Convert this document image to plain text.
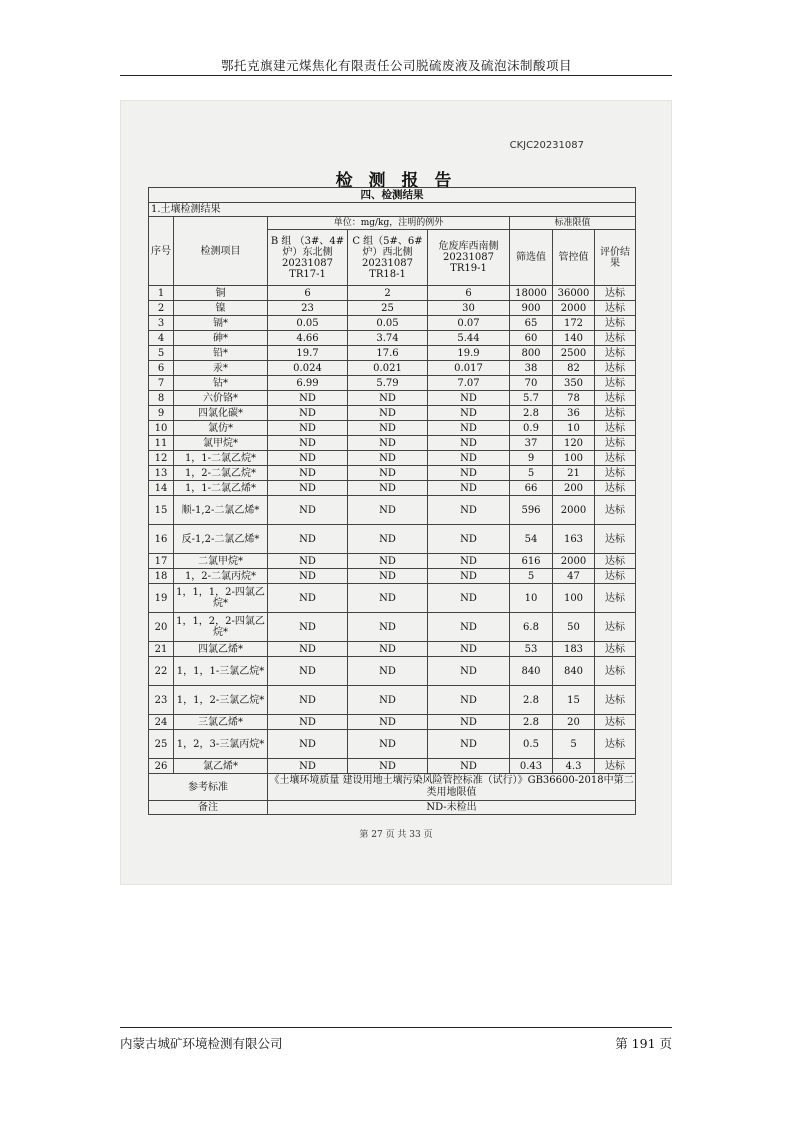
鄂托克旗建元煤焦化有限责任公司脱硫废液及硫泡沫制酸项目
CKJC20231087
检 测 报 告
四、检测结果							
1.土壤检测结果							
序号	检测项目	单位：mg/kg，注明的例外			标准限值		
		B 组 （3#、4#炉）东北侧 20231087 TR17-1	C 组（5#、6#炉）西北侧 20231087 TR18-1	危废库西南侧 20231087 TR19-1	筛选值	管控值	评价结果
1	铜	6	2	6	18000	36000	达标
2	镍	23	25	30	900	2000	达标
3	镉*	0.05	0.05	0.07	65	172	达标
4	砷*	4.66	3.74	5.44	60	140	达标
5	铅*	19.7	17.6	19.9	800	2500	达标
6	汞*	0.024	0.021	0.017	38	82	达标
7	钴*	6.99	5.79	7.07	70	350	达标
8	六价铬*	ND	ND	ND	5.7	78	达标
9	四氯化碳*	ND	ND	ND	2.8	36	达标
10	氯仿*	ND	ND	ND	0.9	10	达标
11	氯甲烷*	ND	ND	ND	37	120	达标
12	1，1-二氯乙烷*	ND	ND	ND	9	100	达标
13	1，2-二氯乙烷*	ND	ND	ND	5	21	达标
14	1，1-二氯乙烯*	ND	ND	ND	66	200	达标
15	顺-1,2-二氯乙烯*	ND	ND	ND	596	2000	达标
16	反-1,2-二氯乙烯*	ND	ND	ND	54	163	达标
17	二氯甲烷*	ND	ND	ND	616	2000	达标
18	1，2-二氯丙烷*	ND	ND	ND	5	47	达标
19	1，1，1，2-四氯乙烷*	ND	ND	ND	10	100	达标
20	1，1，2，2-四氯乙烷*	ND	ND	ND	6.8	50	达标
21	四氯乙烯*	ND	ND	ND	53	183	达标
22	1，1，1-三氯乙烷*	ND	ND	ND	840	840	达标
23	1，1，2-三氯乙烷*	ND	ND	ND	2.8	15	达标
24	三氯乙烯*	ND	ND	ND	2.8	20	达标
25	1，2，3-三氯丙烷*	ND	ND	ND	0.5	5	达标
26	氯乙烯*	ND	ND	ND	0.43	4.3	达标
参考标准		《土壤环境质量 建设用地土壤污染风险管控标准（试行）》GB36600-2018中第二类用地限值					
备注		ND-未检出					
第 27 页 共 33 页
内蒙古城矿环境检测有限公司	第 191 页
